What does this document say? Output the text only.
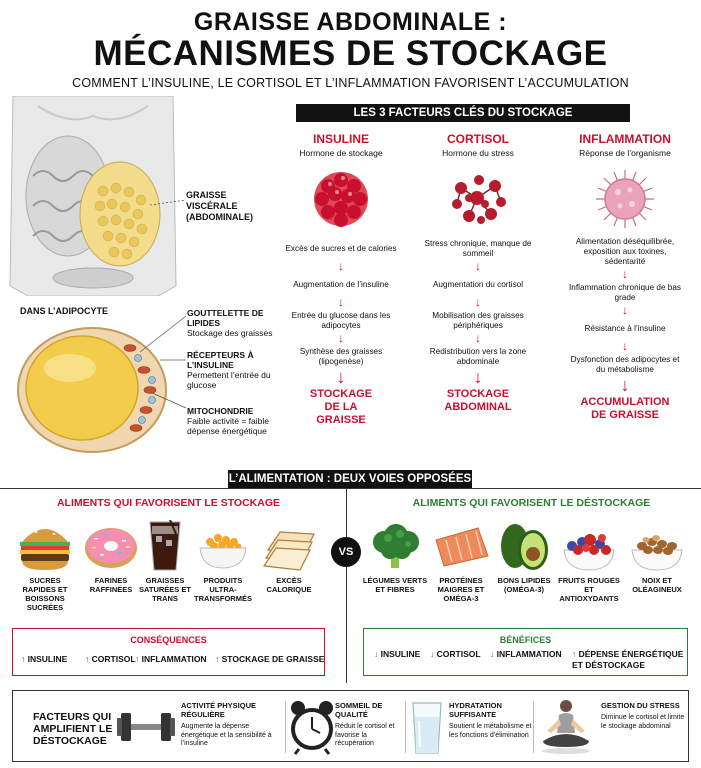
GRAISSE ABDOMINALE :
MÉCANISMES DE STOCKAGE
COMMENT L’INSULINE, LE CORTISOL ET L’INFLAMMATION FAVORISENT L’ACCUMULATION
GRAISSE VISCÉRALE (ABDOMINALE)
DANS L’ADIPOCYTE	GOUTTELETTE DE LIPIDES
Stockage des graisses
RÉCEPTEURS À L’INSULINE
Permettent l’entrée du glucose
MITOCHONDRIE
Faible activité = faible dépense énergétique
LES 3 FACTEURS CLÉS DU STOCKAGE
INSULINE
Hormone de stockage
Excès de sucres et de calories
↓
Augmentation de l’insuline
↓
Entrée du glucose dans les adipocytes
↓
Synthèse des graisses (lipogenèse)
↓
STOCKAGE DE LA GRAISSE
CORTISOL
Hormone du stress
Stress chronique, manque de sommeil
↓
Augmentation du cortisol
↓
Mobilisation des graisses périphériques
↓
Redistribution vers la zone abdominale
↓
STOCKAGE ABDOMINAL
INFLAMMATION
Réponse de l’organisme
Alimentation déséquilibrée, exposition aux toxines, sédentarité
↓
Inflammation chronique de bas grade
↓
Résistance à l’insuline
↓
Dysfonction des adipocytes et du métabolisme
↓
ACCUMULATION DE GRAISSE
L’ALIMENTATION : DEUX VOIES OPPOSÉES
VS
ALIMENTS QUI FAVORISENT LE STOCKAGE	ALIMENTS QUI FAVORISENT LE DÉSTOCKAGE
SUCRES RAPIDES ET BOISSONS SUCRÉES
FARINES RAFFINÉES
GRAISSES SATURÉES ET TRANS
PRODUITS ULTRA-TRANSFORMÉS
EXCÈS CALORIQUE
LÉGUMES VERTS ET FIBRES
PROTÉINES MAIGRES ET OMÉGA-3
BONS LIPIDES (OMÉGA-3)
FRUITS ROUGES ET ANTIOXYDANTS
NOIX ET OLÉAGINEUX
CONSÉQUENCES
↑ INSULINE ↑ CORTISOL ↑ INFLAMMATION ↑ STOCKAGE DE GRAISSE
BÉNÉFICES
↓ INSULINE ↓ CORTISOL ↓ INFLAMMATION ↑ DÉPENSE ÉNERGÉTIQUE ET DÉSTOCKAGE
FACTEURS QUI AMPLIFIENT LE DÉSTOCKAGE
ACTIVITÉ PHYSIQUE RÉGULIÈRE
Augmente la dépense énergétique et la sensibilité à l’insuline
SOMMEIL DE QUALITÉ
Réduit le cortisol et favorise la récupération
HYDRATATION SUFFISANTE
Soutient le métabolisme et les fonctions d’élimination
GESTION DU STRESS
Diminue le cortisol et limite le stockage abdominal
